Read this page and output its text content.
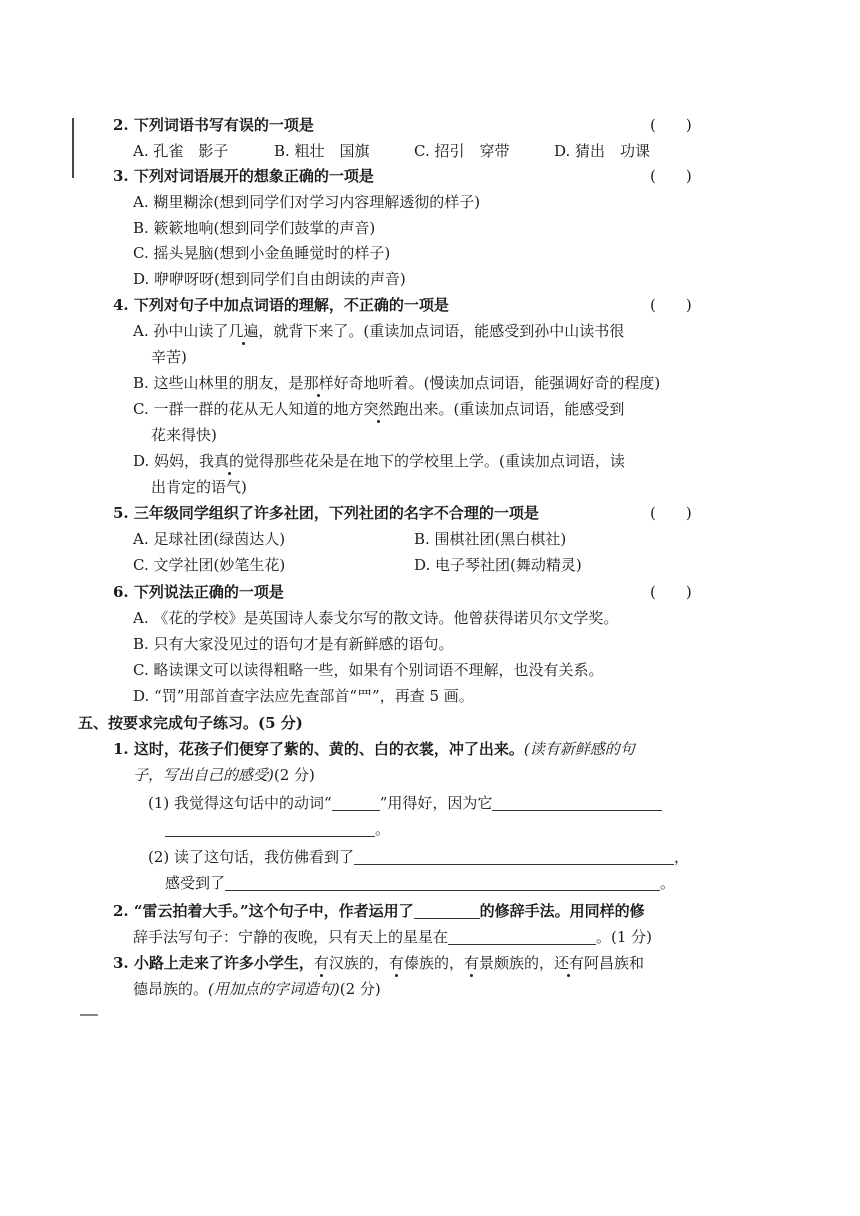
2. 下列词语书写有误的一项是	(　　)
A. 孔雀　影子	B. 粗壮　国旗	C. 招引　穿带	D. 猜出　功课
3. 下列对词语展开的想象正确的一项是	(　　)
A. 糊里糊涂(想到同学们对学习内容理解透彻的样子)
B. 簌簌地响(想到同学们鼓掌的声音)
C. 摇头晃脑(想到小金鱼睡觉时的样子)
D. 咿咿呀呀(想到同学们自由朗读的声音)
4. 下列对句子中加点词语的理解，不正确的一项是	(　　)
A. 孙中山读了几遍，就背下来了。(重读加点词语，能感受到孙中山读书很
辛苦)
B. 这些山林里的朋友，是那样好奇地听着。(慢读加点词语，能强调好奇的程度)
C. 一群一群的花从无人知道的地方突然跑出来。(重读加点词语，能感受到
花来得快)
D. 妈妈，我真的觉得那些花朵是在地下的学校里上学。(重读加点词语，读
出肯定的语气)
5. 三年级同学组织了许多社团，下列社团的名字不合理的一项是	(　　)
A. 足球社团(绿茵达人)	B. 围棋社团(黑白棋社)
C. 文学社团(妙笔生花)	D. 电子琴社团(舞动精灵)
6. 下列说法正确的一项是	(　　)
A. 《花的学校》是英国诗人泰戈尔写的散文诗。他曾获得诺贝尔文学奖。
B. 只有大家没见过的语句才是有新鲜感的语句。
C. 略读课文可以读得粗略一些，如果有个别词语不理解，也没有关系。
D. “罚”用部首查字法应先查部首“罒”，再查 5 画。
五、按要求完成句子练习。(5 分)
1. 这时，花孩子们便穿了紫的、黄的、白的衣裳，冲了出来。(读有新鲜感的句
子，写出自己的感受)(2 分)
(1) 我觉得这句话中的动词“	”用得好，因为它
。
(2) 读了这句话，我仿佛看到了	，
感受到了	。
2. “雷云拍着大手。”这个句子中，作者运用了	的修辞手法。用同样的修
辞手法写句子：宁静的夜晚，只有天上的星星在	。(1 分)
3. 小路上走来了许多小学生，有汉族的，有傣族的，有景颇族的，还有阿昌族和
德昂族的。(用加点的字词造句)(2 分)
